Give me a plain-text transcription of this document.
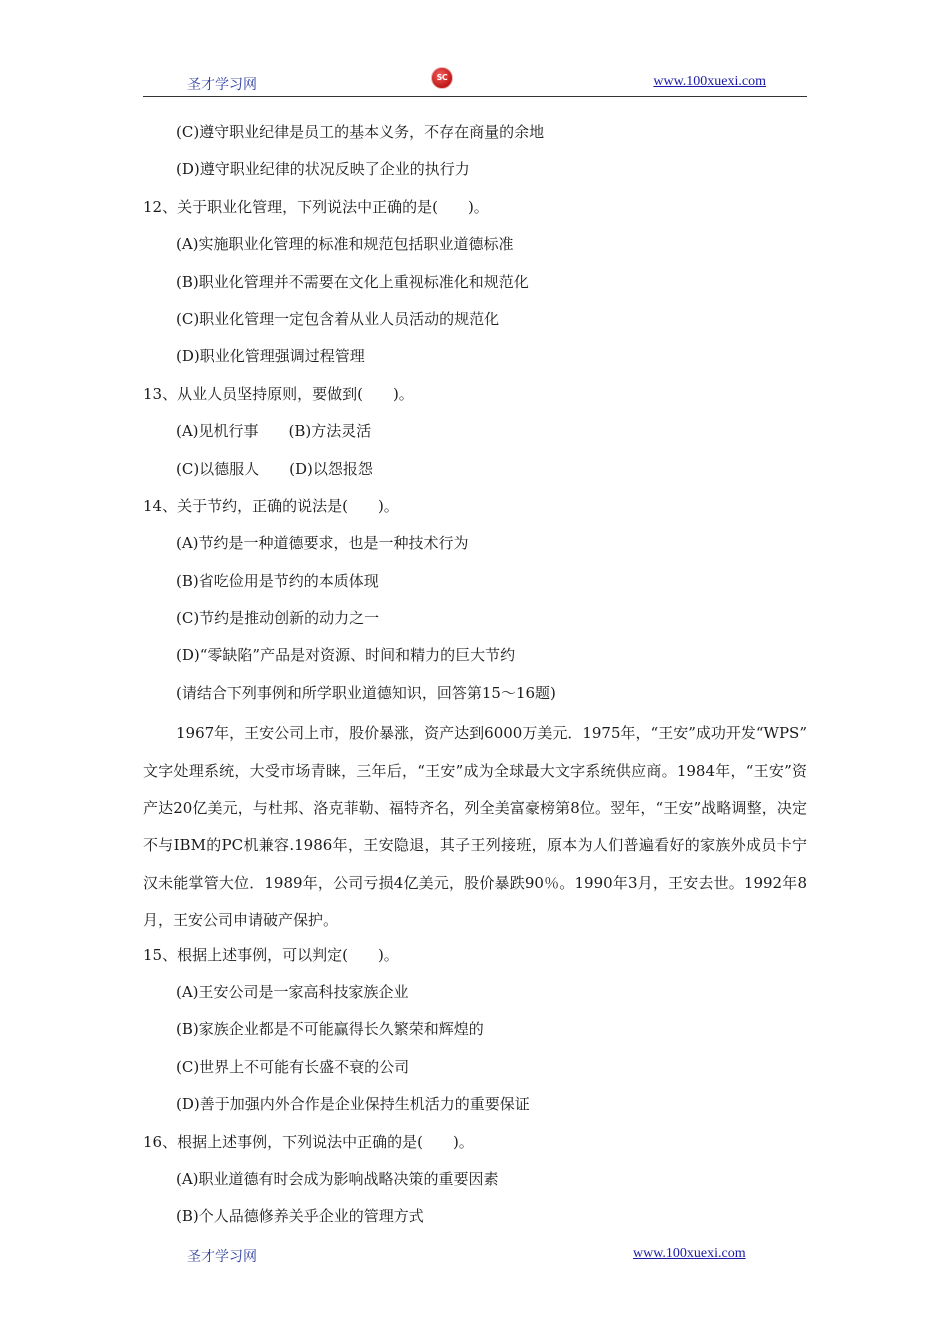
圣才学习网	SC	www.100xuexi.com
(C)遵守职业纪律是员工的基本义务，不存在商量的余地
(D)遵守职业纪律的状况反映了企业的执行力
12、关于职业化管理，下列说法中正确的是(　　)。
(A)实施职业化管理的标准和规范包括职业道德标准
(B)职业化管理并不需要在文化上重视标准化和规范化
(C)职业化管理一定包含着从业人员活动的规范化
(D)职业化管理强调过程管理
13、从业人员坚持原则，要做到(　　)。
(A)见机行事　　(B)方法灵活
(C)以德服人　　(D)以怨报怨
14、关于节约，正确的说法是(　　)。
(A)节约是一种道德要求，也是一种技术行为
(B)省吃俭用是节约的本质体现
(C)节约是推动创新的动力之一
(D)“零缺陷”产品是对资源、时间和精力的巨大节约
(请结合下列事例和所学职业道德知识，回答第15～16题)
1967年，王安公司上市，股价暴涨，资产达到6000万美元．1975年，“王安”成功开发“WPS” 文字处理系统，大受市场青睐，三年后，“王安”成为全球最大文字系统供应商。1984年，“王安”资产达20亿美元，与杜邦、洛克菲勒、福特齐名，列全美富豪榜第8位。翌年，“王安”战略调整，决定不与IBM的PC机兼容.1986年，王安隐退，其子王列接班，原本为人们普遍看好的家族外成员卡宁汉未能掌管大位．1989年，公司亏损4亿美元，股价暴跌90％。1990年3月，王安去世。1992年8月，王安公司申请破产保护。
15、根据上述事例，可以判定(　　)。
(A)王安公司是一家高科技家族企业
(B)家族企业都是不可能赢得长久繁荣和辉煌的
(C)世界上不可能有长盛不衰的公司
(D)善于加强内外合作是企业保持生机活力的重要保证
16、根据上述事例，下列说法中正确的是(　　)。
(A)职业道德有时会成为影响战略决策的重要因素
(B)个人品德修养关乎企业的管理方式
圣才学习网	www.100xuexi.com
